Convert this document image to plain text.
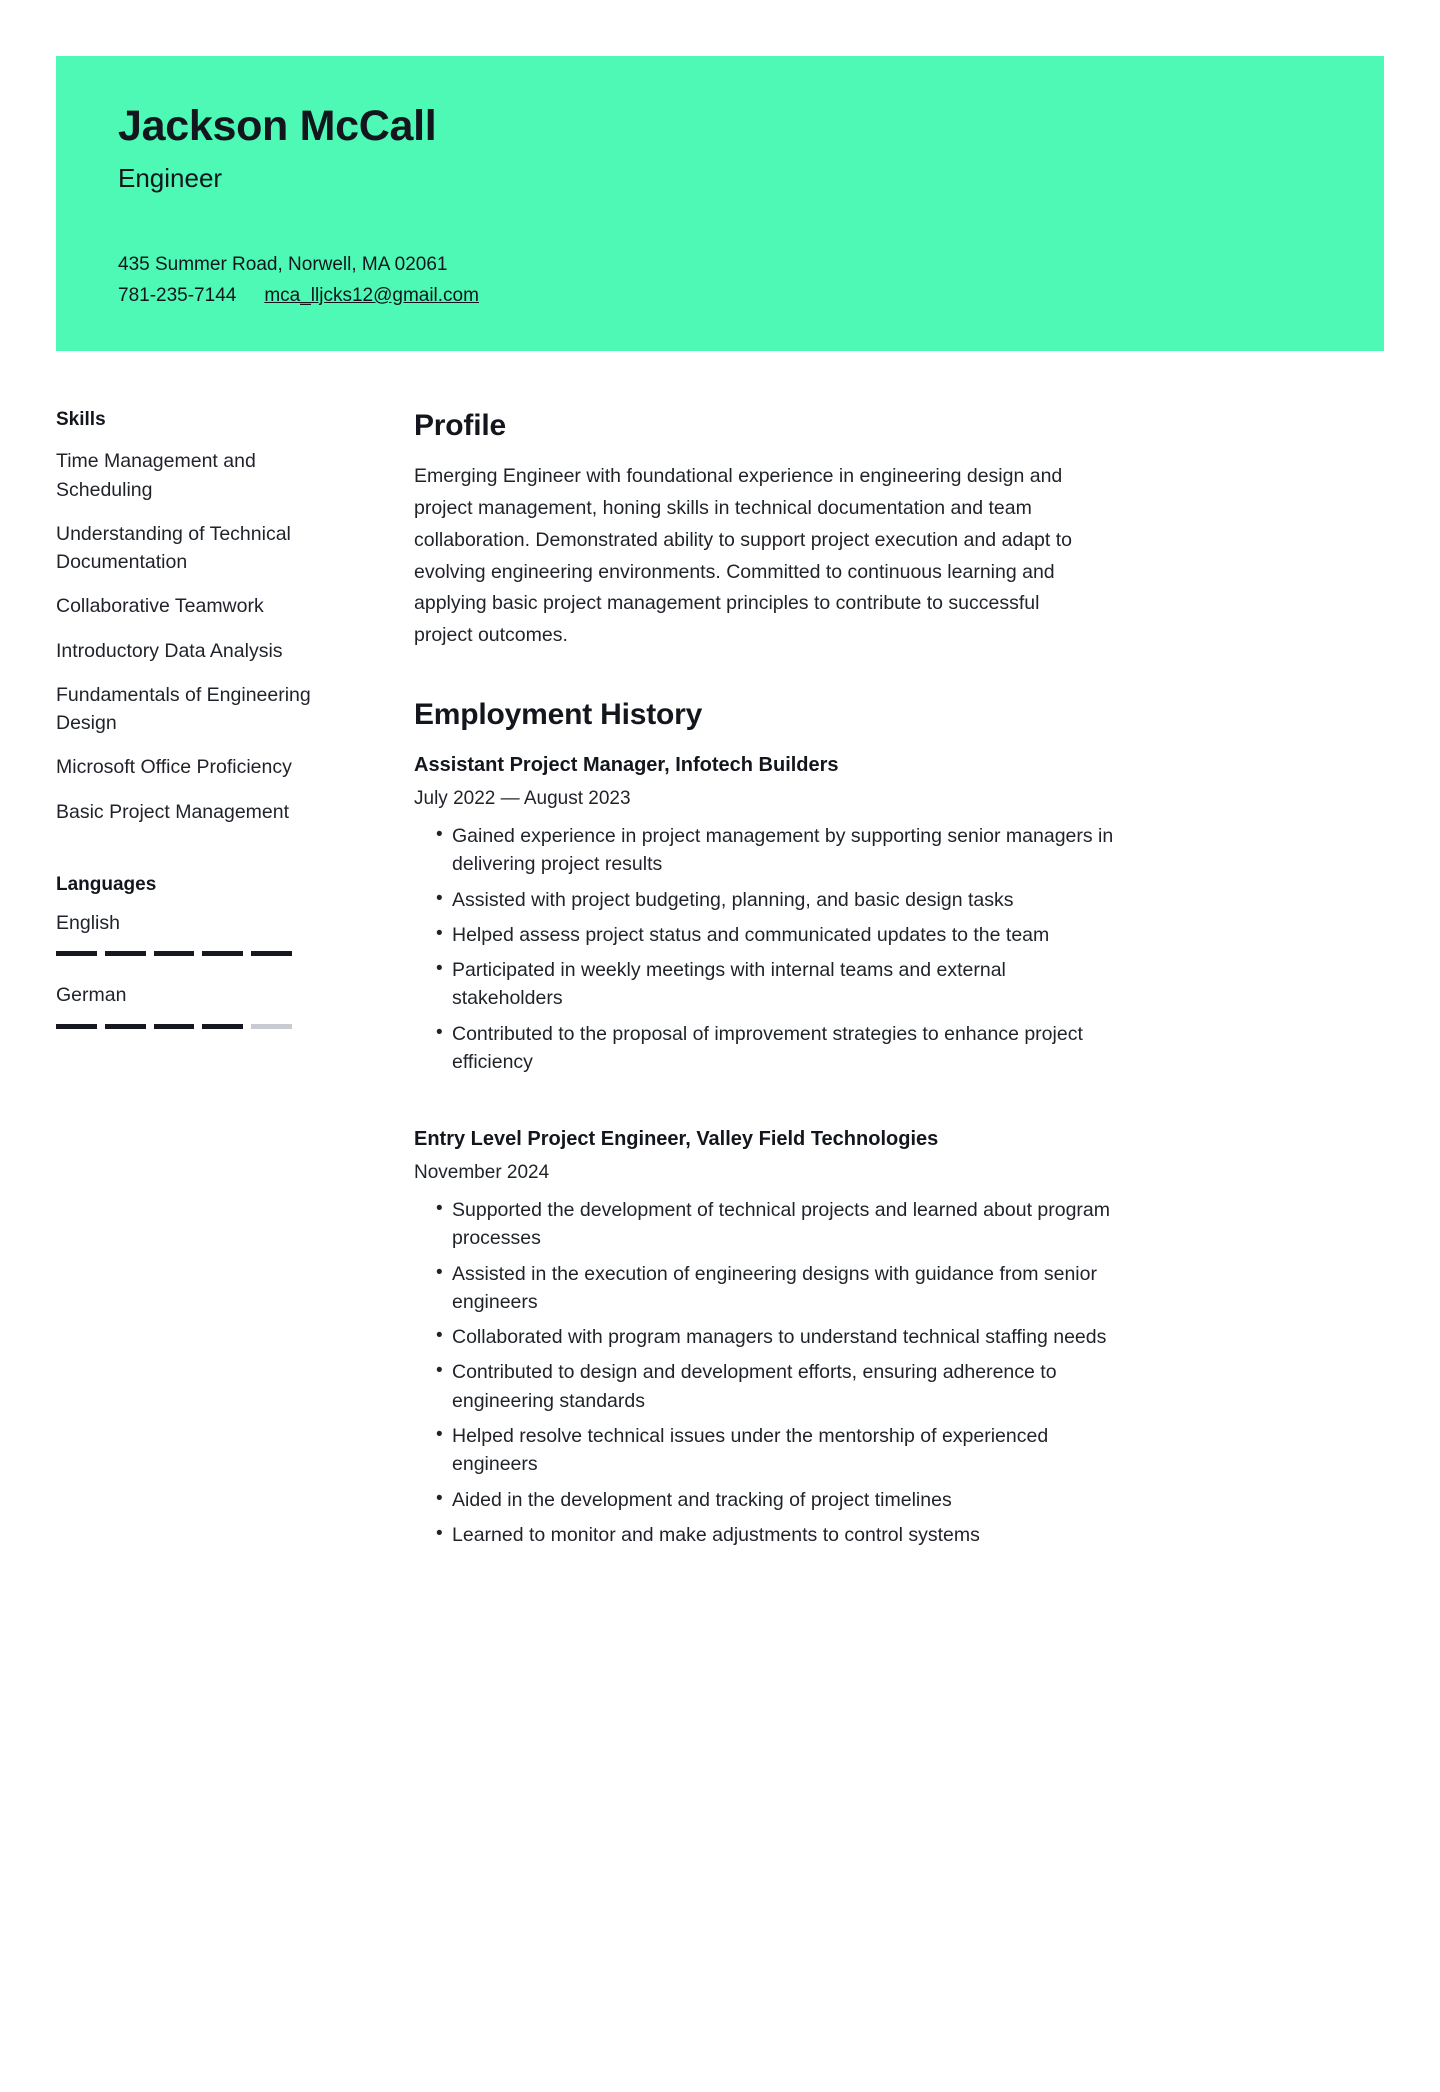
Jackson McCall
Engineer
435 Summer Road, Norwell, MA 02061
781-235-7144 mca_lljcks12@gmail.com
Skills
Time Management and Scheduling
Understanding of Technical Documentation
Collaborative Teamwork
Introductory Data Analysis
Fundamentals of Engineering Design
Microsoft Office Proficiency
Basic Project Management
Languages
English
German
Profile

Emerging Engineer with foundational experience in engineering design and project management, honing skills in technical documentation and team collaboration. Demonstrated ability to support project execution and adapt to evolving engineering environments. Committed to continuous learning and applying basic project management principles to contribute to successful project outcomes.

Employment History
Assistant Project Manager, Infotech Builders
July 2022 — August 2023
• Gained experience in project management by supporting senior managers in delivering project results
• Assisted with project budgeting, planning, and basic design tasks
• Helped assess project status and communicated updates to the team
• Participated in weekly meetings with internal teams and external stakeholders
• Contributed to the proposal of improvement strategies to enhance project efficiency
Entry Level Project Engineer, Valley Field Technologies
November 2024
• Supported the development of technical projects and learned about program processes
• Assisted in the execution of engineering designs with guidance from senior engineers
• Collaborated with program managers to understand technical staffing needs
• Contributed to design and development efforts, ensuring adherence to engineering standards
• Helped resolve technical issues under the mentorship of experienced engineers
• Aided in the development and tracking of project timelines
• Learned to monitor and make adjustments to control systems
